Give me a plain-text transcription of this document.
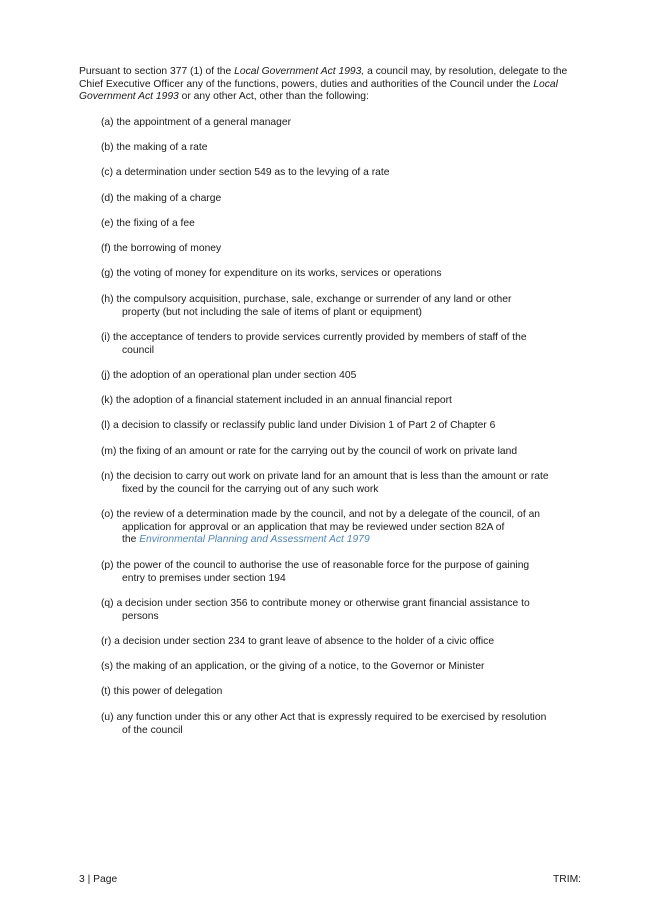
Pursuant to section 377 (1) of the Local Government Act 1993, a council may, by resolution, delegate to the Chief Executive Officer any of the functions, powers, duties and authorities of the Council under the Local Government Act 1993 or any other Act, other than the following:

(a) the appointment of a general manager
(b) the making of a rate
(c) a determination under section 549 as to the levying of a rate
(d) the making of a charge
(e) the fixing of a fee
(f) the borrowing of money
(g) the voting of money for expenditure on its works, services or operations
(h) the compulsory acquisition, purchase, sale, exchange or surrender of any land or other
property (but not including the sale of items of plant or equipment)
(i) the acceptance of tenders to provide services currently provided by members of staff of the
council
(j) the adoption of an operational plan under section 405
(k) the adoption of a financial statement included in an annual financial report
(l) a decision to classify or reclassify public land under Division 1 of Part 2 of Chapter 6
(m) the fixing of an amount or rate for the carrying out by the council of work on private land
(n) the decision to carry out work on private land for an amount that is less than the amount or rate
fixed by the council for the carrying out of any such work
(o) the review of a determination made by the council, and not by a delegate of the council, of an
application for approval or an application that may be reviewed under section 82A of
the Environmental Planning and Assessment Act 1979
(p) the power of the council to authorise the use of reasonable force for the purpose of gaining
entry to premises under section 194
(q) a decision under section 356 to contribute money or otherwise grant financial assistance to
persons
(r) a decision under section 234 to grant leave of absence to the holder of a civic office
(s) the making of an application, or the giving of a notice, to the Governor or Minister
(t) this power of delegation
(u) any function under this or any other Act that is expressly required to be exercised by resolution
of the council
3 | Page	TRIM:
